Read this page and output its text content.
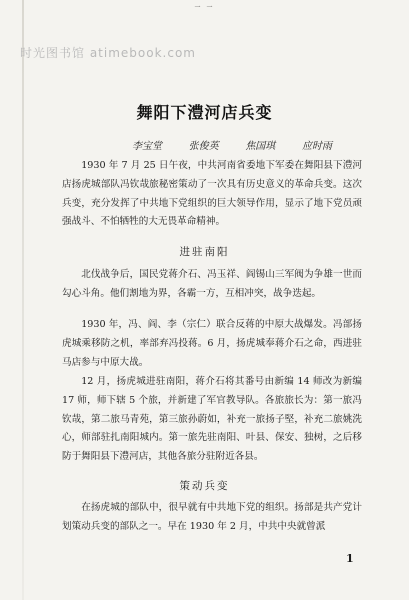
一 一
时光图书馆 atimebook.com
舞阳下澧河店兵变
李宝堂	张俊英	焦国琪	应时雨

1930 年 7 月 25 日午夜，中共河南省委地下军委在舞阳县下澧河店扬虎城部队冯钦哉旅秘密策动了一次具有历史意义的革命兵变。这次兵变，充分发挥了中共地下党组织的巨大领导作用，显示了地下党员顽强战斗、不怕牺牲的大无畏革命精神。

进驻南阳

北伐战争后，国民党蒋介石、冯玉祥、阎锡山三军阀为争雄一世而勾心斗角。他们割地为界，各霸一方，互相冲突，战争迭起。

1930 年，冯、阎、李（宗仁）联合反蒋的中原大战爆发。冯部扬虎城乘移防之机，率部弃冯投蒋。6 月，扬虎城奉蒋介石之命，西进驻马店参与中原大战。

12 月，扬虎城进驻南阳，蒋介石将其番号由新编 14 师改为新编 17 师，师下辖 5 个旅，并新建了军官教导队。各旅旅长为：第一旅冯钦哉，第二旅马青苑，第三旅孙蔚如，补充一旅扬子堅，补充二旅姚洗心，师部驻扎南阳城内。第一旅先驻南阳、叶县、保安、独树，之后移防于舞阳县下澧河店，其他各旅分驻附近各县。

策动兵变

在扬虎城的部队中，很早就有中共地下党的组织。扬部是共产党计划策动兵变的部队之一。早在 1930 年 2 月，中共中央就曾派

1
